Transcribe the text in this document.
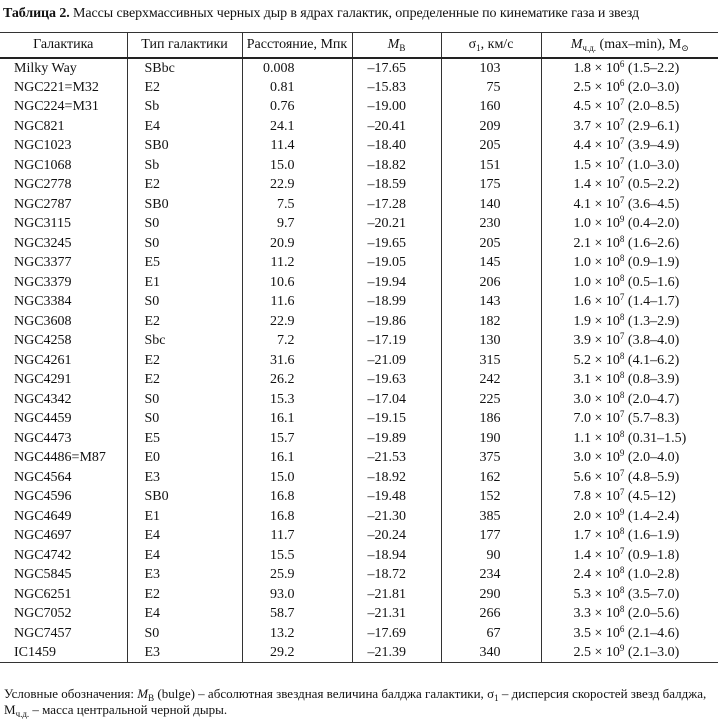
Таблица 2. Массы сверхмассивных черных дыр в ядрах галактик, определенные по кинематике газа и звезд
Галактика	Тип галактики	Расстояние, Мпк	$M_B$	$\sigma_1$, км/с	$M_{ч.д.}$ (max–min), $M_⊙$
Milky Way	SBbc	0.008	–17.65	103	$1.8 \times 10^6$ (1.5–2.2)
NGC221=M32	E2	0.81	–15.83	75	$2.5 \times 10^6$ (2.0–3.0)
NGC224=M31	Sb	0.76	–19.00	160	$4.5 \times 10^7$ (2.0–8.5)
NGC821	E4	24.1	–20.41	209	$3.7 \times 10^7$ (2.9–6.1)
NGC1023	SB0	11.4	–18.40	205	$4.4 \times 10^7$ (3.9–4.9)
NGC1068	Sb	15.0	–18.82	151	$1.5 \times 10^7$ (1.0–3.0)
NGC2778	E2	22.9	–18.59	175	$1.4 \times 10^7$ (0.5–2.2)
NGC2787	SB0	7.5	–17.28	140	$4.1 \times 10^7$ (3.6–4.5)
NGC3115	S0	9.7	–20.21	230	$1.0 \times 10^9$ (0.4–2.0)
NGC3245	S0	20.9	–19.65	205	$2.1 \times 10^8$ (1.6–2.6)
NGC3377	E5	11.2	–19.05	145	$1.0 \times 10^8$ (0.9–1.9)
NGC3379	E1	10.6	–19.94	206	$1.0 \times 10^8$ (0.5–1.6)
NGC3384	S0	11.6	–18.99	143	$1.6 \times 10^7$ (1.4–1.7)
NGC3608	E2	22.9	–19.86	182	$1.9 \times 10^8$ (1.3–2.9)
NGC4258	Sbc	7.2	–17.19	130	$3.9 \times 10^7$ (3.8–4.0)
NGC4261	E2	31.6	–21.09	315	$5.2 \times 10^8$ (4.1–6.2)
NGC4291	E2	26.2	–19.63	242	$3.1 \times 10^8$ (0.8–3.9)
NGC4342	S0	15.3	–17.04	225	$3.0 \times 10^8$ (2.0–4.7)
NGC4459	S0	16.1	–19.15	186	$7.0 \times 10^7$ (5.7–8.3)
NGC4473	E5	15.7	–19.89	190	$1.1 \times 10^8$ (0.31–1.5)
NGC4486=M87	E0	16.1	–21.53	375	$3.0 \times 10^9$ (2.0–4.0)
NGC4564	E3	15.0	–18.92	162	$5.6 \times 10^7$ (4.8–5.9)
NGC4596	SB0	16.8	–19.48	152	$7.8 \times 10^7$ (4.5–12)
NGC4649	E1	16.8	–21.30	385	$2.0 \times 10^9$ (1.4–2.4)
NGC4697	E4	11.7	–20.24	177	$1.7 \times 10^8$ (1.6–1.9)
NGC4742	E4	15.5	–18.94	90	$1.4 \times 10^7$ (0.9–1.8)
NGC5845	E3	25.9	–18.72	234	$2.4 \times 10^8$ (1.0–2.8)
NGC6251	E2	93.0	–21.81	290	$5.3 \times 10^8$ (3.5–7.0)
NGC7052	E4	58.7	–21.31	266	$3.3 \times 10^8$ (2.0–5.6)
NGC7457	S0	13.2	–17.69	67	$3.5 \times 10^6$ (2.1–4.6)
IC1459	E3	29.2	–21.39	340	$2.5 \times 10^9$ (2.1–3.0)
Условные обозначения: $M_B$ (bulge) – абсолютная звездная величина балджа галактики, $\sigma_1$ – дисперсия скоростей звезд балджа, $M_{ч.д.}$ – масса центральной черной дыры.
